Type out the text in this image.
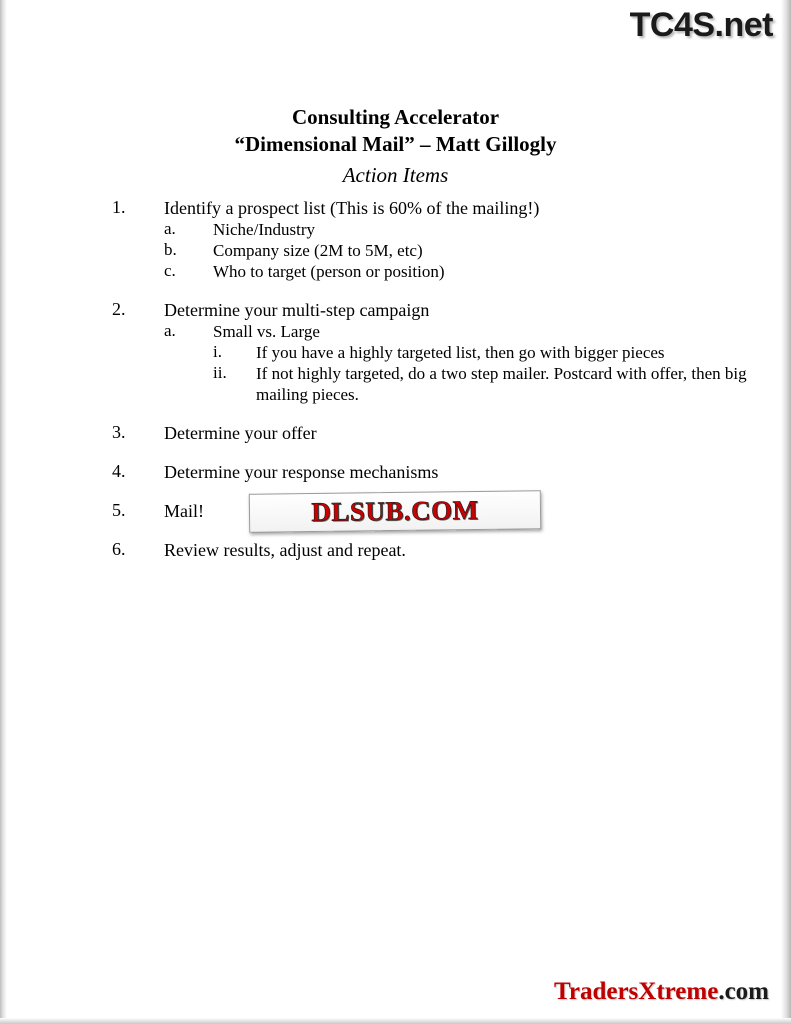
TC4S.net
Consulting Accelerator
“Dimensional Mail” – Matt Gillogly
Action Items
1.	Identify a prospect list (This is 60% of the mailing!)
a.	Niche/Industry
b.	Company size (2M to 5M, etc)
c.	Who to target (person or position)
2.	Determine your multi-step campaign
a.	Small vs. Large
i.	If you have a highly targeted list, then go with bigger pieces
ii.	If not highly targeted, do a two step mailer. Postcard with offer, then big mailing pieces.
3.	Determine your offer
4.	Determine your response mechanisms
5.	Mail!
6.	Review results, adjust and repeat.
DLSUB.COM
TradersXtreme.com
